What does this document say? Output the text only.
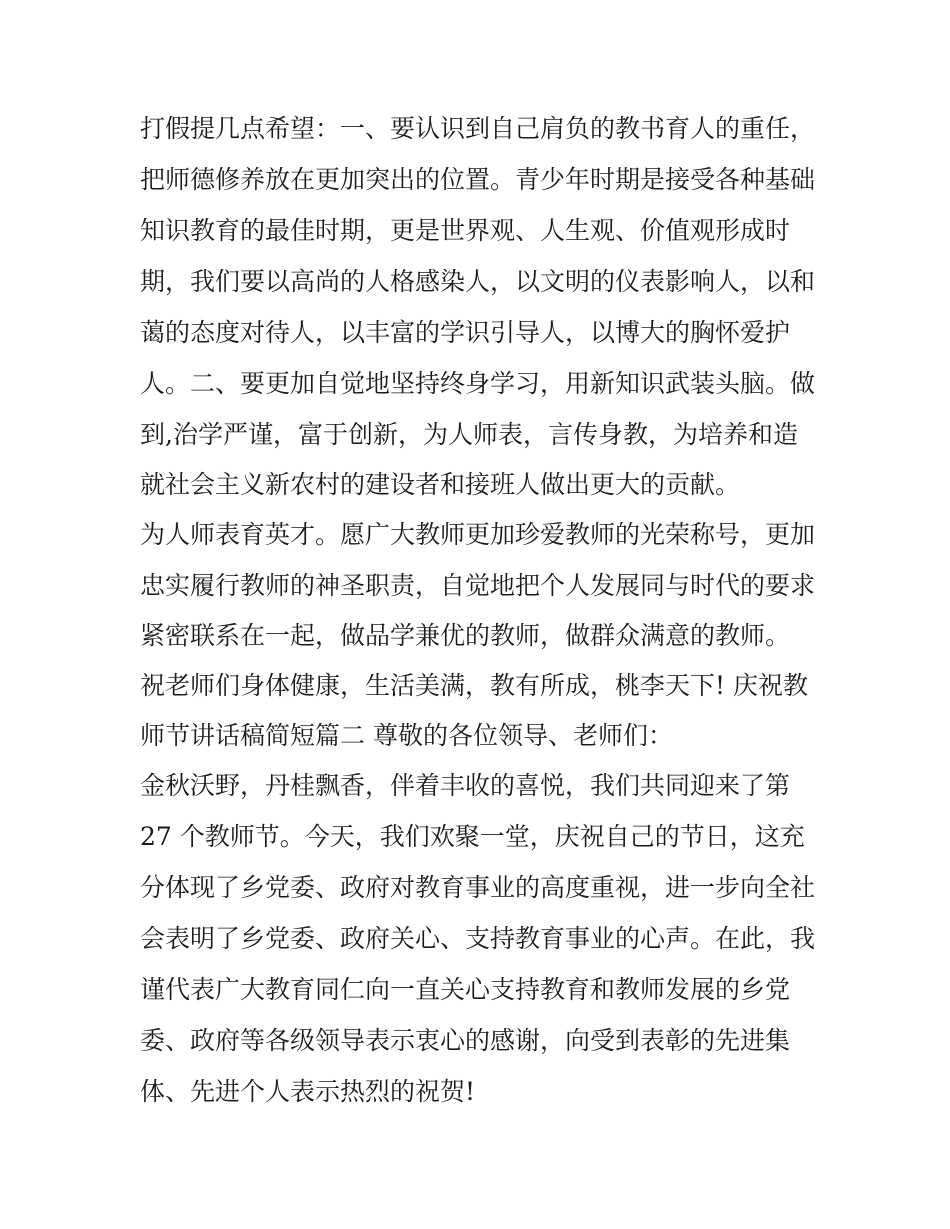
打假提几点希望：一、要认识到自己肩负的教书育人的重任，
把师德修养放在更加突出的位置。青少年时期是接受各种基础
知识教育的最佳时期，更是世界观、人生观、价值观形成时
期，我们要以高尚的人格感染人，以文明的仪表影响人，以和
蔼的态度对待人，以丰富的学识引导人，以博大的胸怀爱护
人。二、要更加自觉地坚持终身学习，用新知识武装头脑。做
到,治学严谨，富于创新，为人师表，言传身教，为培养和造
就社会主义新农村的建设者和接班人做出更大的贡献。
为人师表育英才。愿广大教师更加珍爱教师的光荣称号，更加
忠实履行教师的神圣职责，自觉地把个人发展同与时代的要求
紧密联系在一起，做品学兼优的教师，做群众满意的教师。
祝老师们身体健康，生活美满，教有所成，桃李天下! 庆祝教
师节讲话稿简短篇二 尊敬的各位领导、老师们：
金秋沃野，丹桂飘香，伴着丰收的喜悦，我们共同迎来了第
27 个教师节。今天，我们欢聚一堂，庆祝自己的节日，这充
分体现了乡党委、政府对教育事业的高度重视，进一步向全社
会表明了乡党委、政府关心、支持教育事业的心声。在此，我
谨代表广大教育同仁向一直关心支持教育和教师发展的乡党
委、政府等各级领导表示衷心的感谢，向受到表彰的先进集
体、先进个人表示热烈的祝贺!
